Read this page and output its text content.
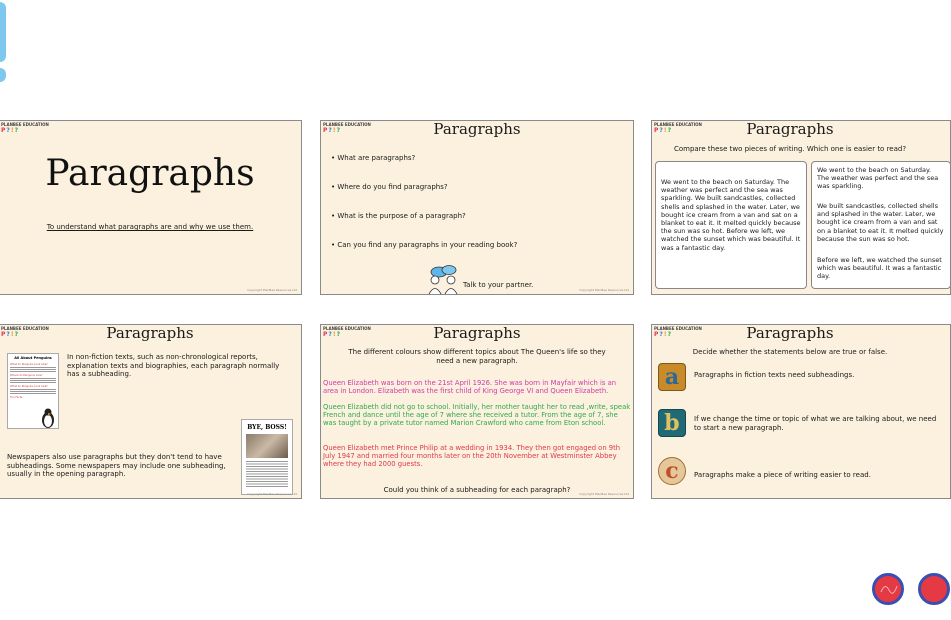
PLANBEE EDUCATION
P ? ! ?
Paragraphs
To understand what paragraphs are and why we use them.
Copyright PlanBee Resources Ltd
PLANBEE EDUCATION
P ? ! ?	Paragraphs
• What are paragraphs?
• Where do you find paragraphs?
• What is the purpose of a paragraph?
• Can you find any paragraphs in your reading book?
Talk to your partner.
Copyright PlanBee Resources Ltd
PLANBEE EDUCATION
P ? ! ?	Paragraphs
Compare these two pieces of writing. Which one is easier to read?
We went to the beach on Saturday. The weather was perfect and the sea was sparkling. We built sandcastles, collected shells and splashed in the water. Later, we bought ice cream from a van and sat on a blanket to eat it. It melted quickly because the sun was so hot. Before we left, we watched the sunset which was beautiful. It was a fantastic day.
We went to the beach on Saturday. The weather was perfect and the sea was sparkling.
We built sandcastles, collected shells and splashed in the water. Later, we bought ice cream from a van and sat on a blanket to eat it. It melted quickly because the sun was so hot.
Before we left, we watched the sunset which was beautiful. It was a fantastic day.
PLANBEE EDUCATION
P ? ! ?	Paragraphs
All About Penguins
What do Penguins Look Like?
Where do Penguins Live?
What do Penguins Look Like?
Fun Facts
In non-fiction texts, such as non-chronological reports, explanation texts and biographies, each paragraph normally has a subheading.
Newspapers also use paragraphs but they don't tend to have subheadings. Some newspapers may include one subheading, usually in the opening paragraph.
BYE, BOSS!
Copyright PlanBee Resources Ltd
PLANBEE EDUCATION
P ? ! ?	Paragraphs
The different colours show different topics about The Queen's life so they need a new paragraph.
Queen Elizabeth was born on the 21st April 1926. She was born in Mayfair which is an area in London. Elizabeth was the first child of King George VI and Queen Elizabeth.
Queen Elizabeth did not go to school. Initially, her mother taught her to read ,write, speak French and dance until the age of 7 where she received a tutor. From the age of 7, she was taught by a private tutor named Marion Crawford who came from Eton school.
Queen Elizabeth met Prince Philip at a wedding in 1934. They then got engaged on 9th July 1947 and married four months later on the 20th November at Westminster Abbey where they had 2000 guests.
Could you think of a subheading for each paragraph?	Copyright PlanBee Resources Ltd
PLANBEE EDUCATION
P ? ! ?	Paragraphs
Decide whether the statements below are true or false.
a	Paragraphs in fiction texts need subheadings.
b	If we change the time or topic of what we are talking about, we need to start a new paragraph.
c	Paragraphs make a piece of writing easier to read.
